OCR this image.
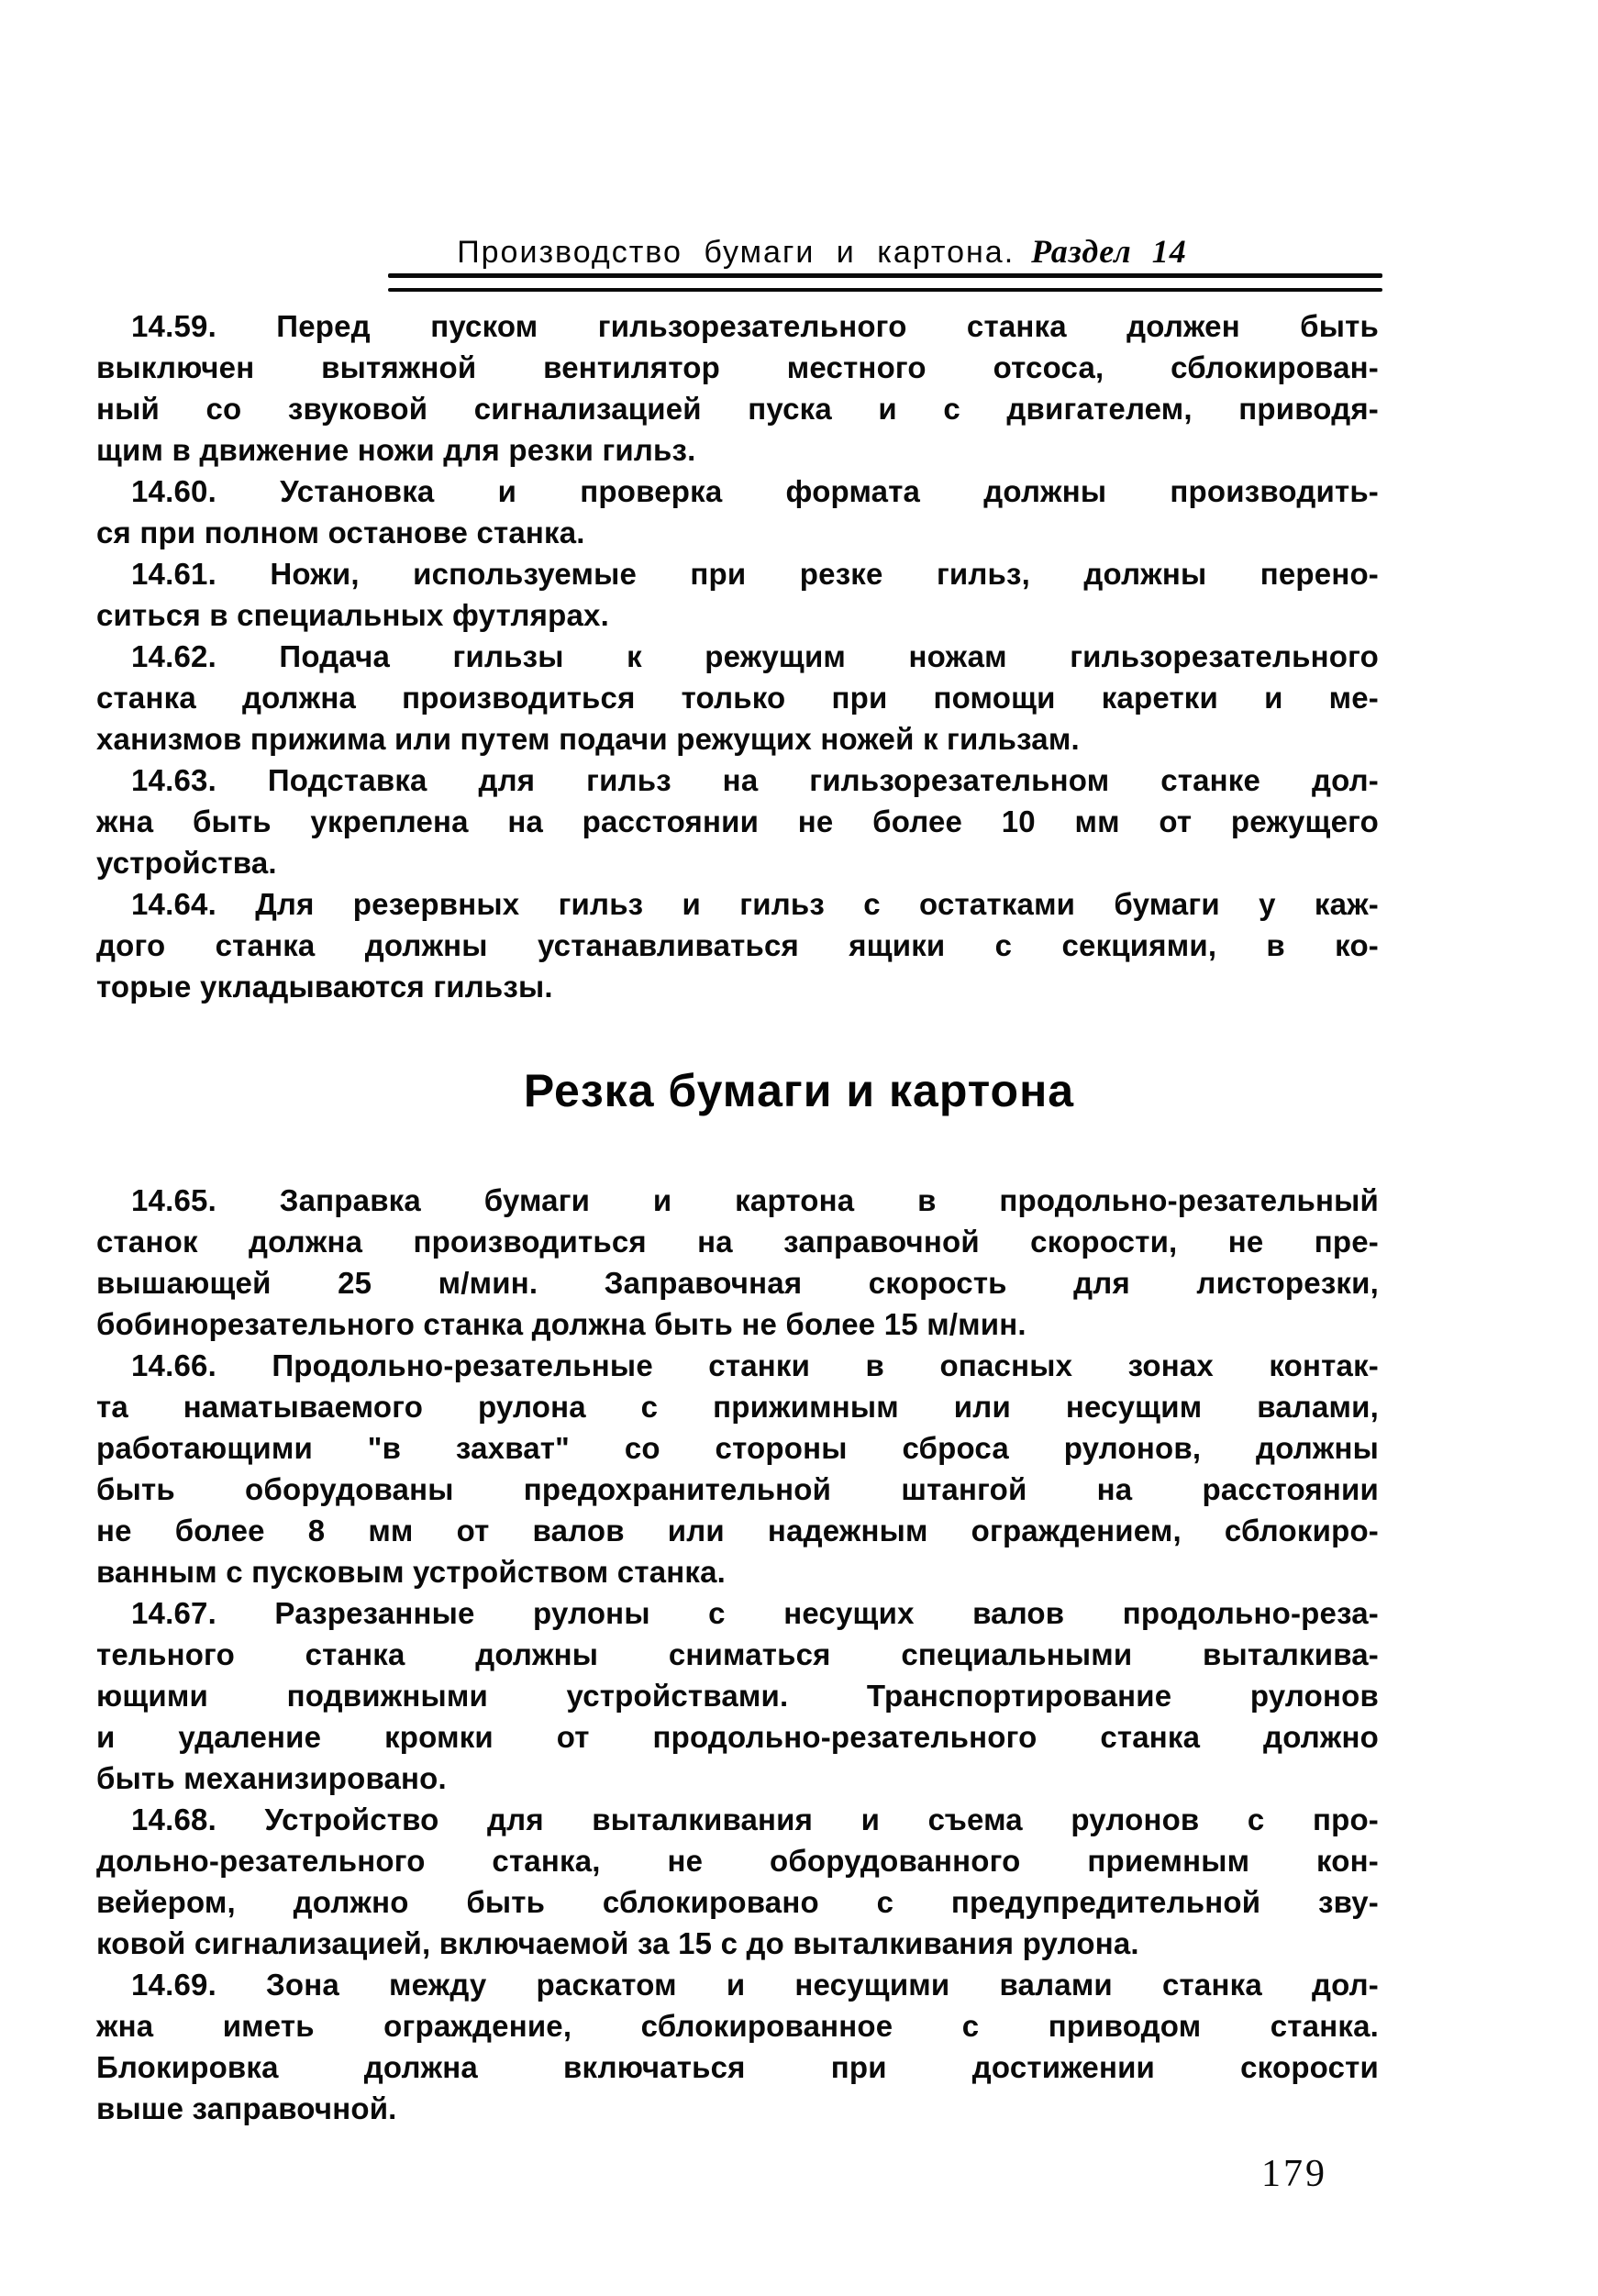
Производство бумаги и картона. Раздел 14
14.59. Перед пуском гильзорезательного станка должен быть
выключен вытяжной вентилятор местного отсоса, сблокирован-
ный со звуковой сигнализацией пуска и с двигателем, приводя-
щим в движение ножи для резки гильз.
14.60. Установка и проверка формата должны производить-
ся при полном останове станка.
14.61. Ножи, используемые при резке гильз, должны перено-
ситься в специальных футлярах.
14.62. Подача гильзы к режущим ножам гильзорезательного
станка должна производиться только при помощи каретки и ме-
ханизмов прижима или путем подачи режущих ножей к гильзам.
14.63. Подставка для гильз на гильзорезательном станке дол-
жна быть укреплена на расстоянии не более 10 мм от режущего
устройства.
14.64. Для резервных гильз и гильз с остатками бумаги у каж-
дого станка должны устанавливаться ящики с секциями, в ко-
торые укладываются гильзы.
Резка бумаги и картона
14.65. Заправка бумаги и картона в продольно-резательный
станок должна производиться на заправочной скорости, не пре-
вышающей 25 м/мин. Заправочная скорость для листорезки,
бобинорезательного станка должна быть не более 15 м/мин.
14.66. Продольно-резательные станки в опасных зонах контак-
та наматываемого рулона с прижимным или несущим валами,
работающими "в захват" со стороны сброса рулонов, должны
быть оборудованы предохранительной штангой на расстоянии
не более 8 мм от валов или надежным ограждением, сблокиро-
ванным с пусковым устройством станка.
14.67. Разрезанные рулоны с несущих валов продольно-реза-
тельного станка должны сниматься специальными выталкива-
ющими подвижными устройствами. Транспортирование рулонов
и удаление кромки от продольно-резательного станка должно
быть механизировано.
14.68. Устройство для выталкивания и съема рулонов с про-
дольно-резательного станка, не оборудованного приемным кон-
вейером, должно быть сблокировано с предупредительной зву-
ковой сигнализацией, включаемой за 15 с до выталкивания рулона.
14.69. Зона между раскатом и несущими валами станка дол-
жна иметь ограждение, сблокированное с приводом станка.
Блокировка должна включаться при достижении скорости
выше заправочной.
179
